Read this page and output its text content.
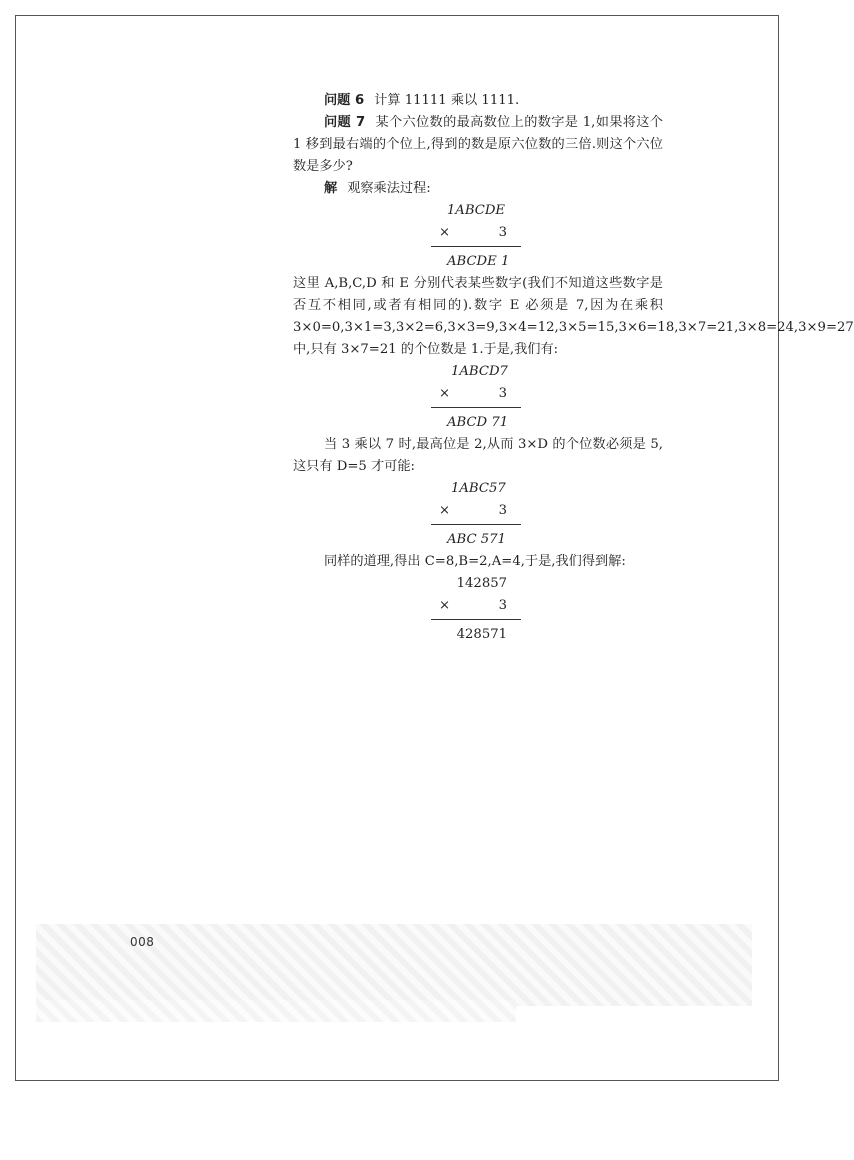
问题 6 计算 11111 乘以 1111.

问题 7 某个六位数的最高数位上的数字是 1,如果将这个 1 移到最右端的个位上,得到的数是原六位数的三倍.则这个六位数是多少?

解 观察乘法过程:

1ABCDE
×	3
ABCDE 1

这里 A,B,C,D 和 E 分别代表某些数字(我们不知道这些数字是否互不相同,或者有相同的).数字 E 必须是 7,因为在乘积 3×0=0,3×1=3,3×2=6,3×3=9,3×4=12,3×5=15,3×6=18,3×7=21,3×8=24,3×9=27 中,只有 3×7=21 的个位数是 1.于是,我们有:

1ABCD7
×	3
ABCD 71

当 3 乘以 7 时,最高位是 2,从而 3×D 的个位数必须是 5,这只有 D=5 才可能:

1ABC57
×	3
ABC 571

同样的道理,得出 C=8,B=2,A=4,于是,我们得到解:

142857
×	3
428571
008
